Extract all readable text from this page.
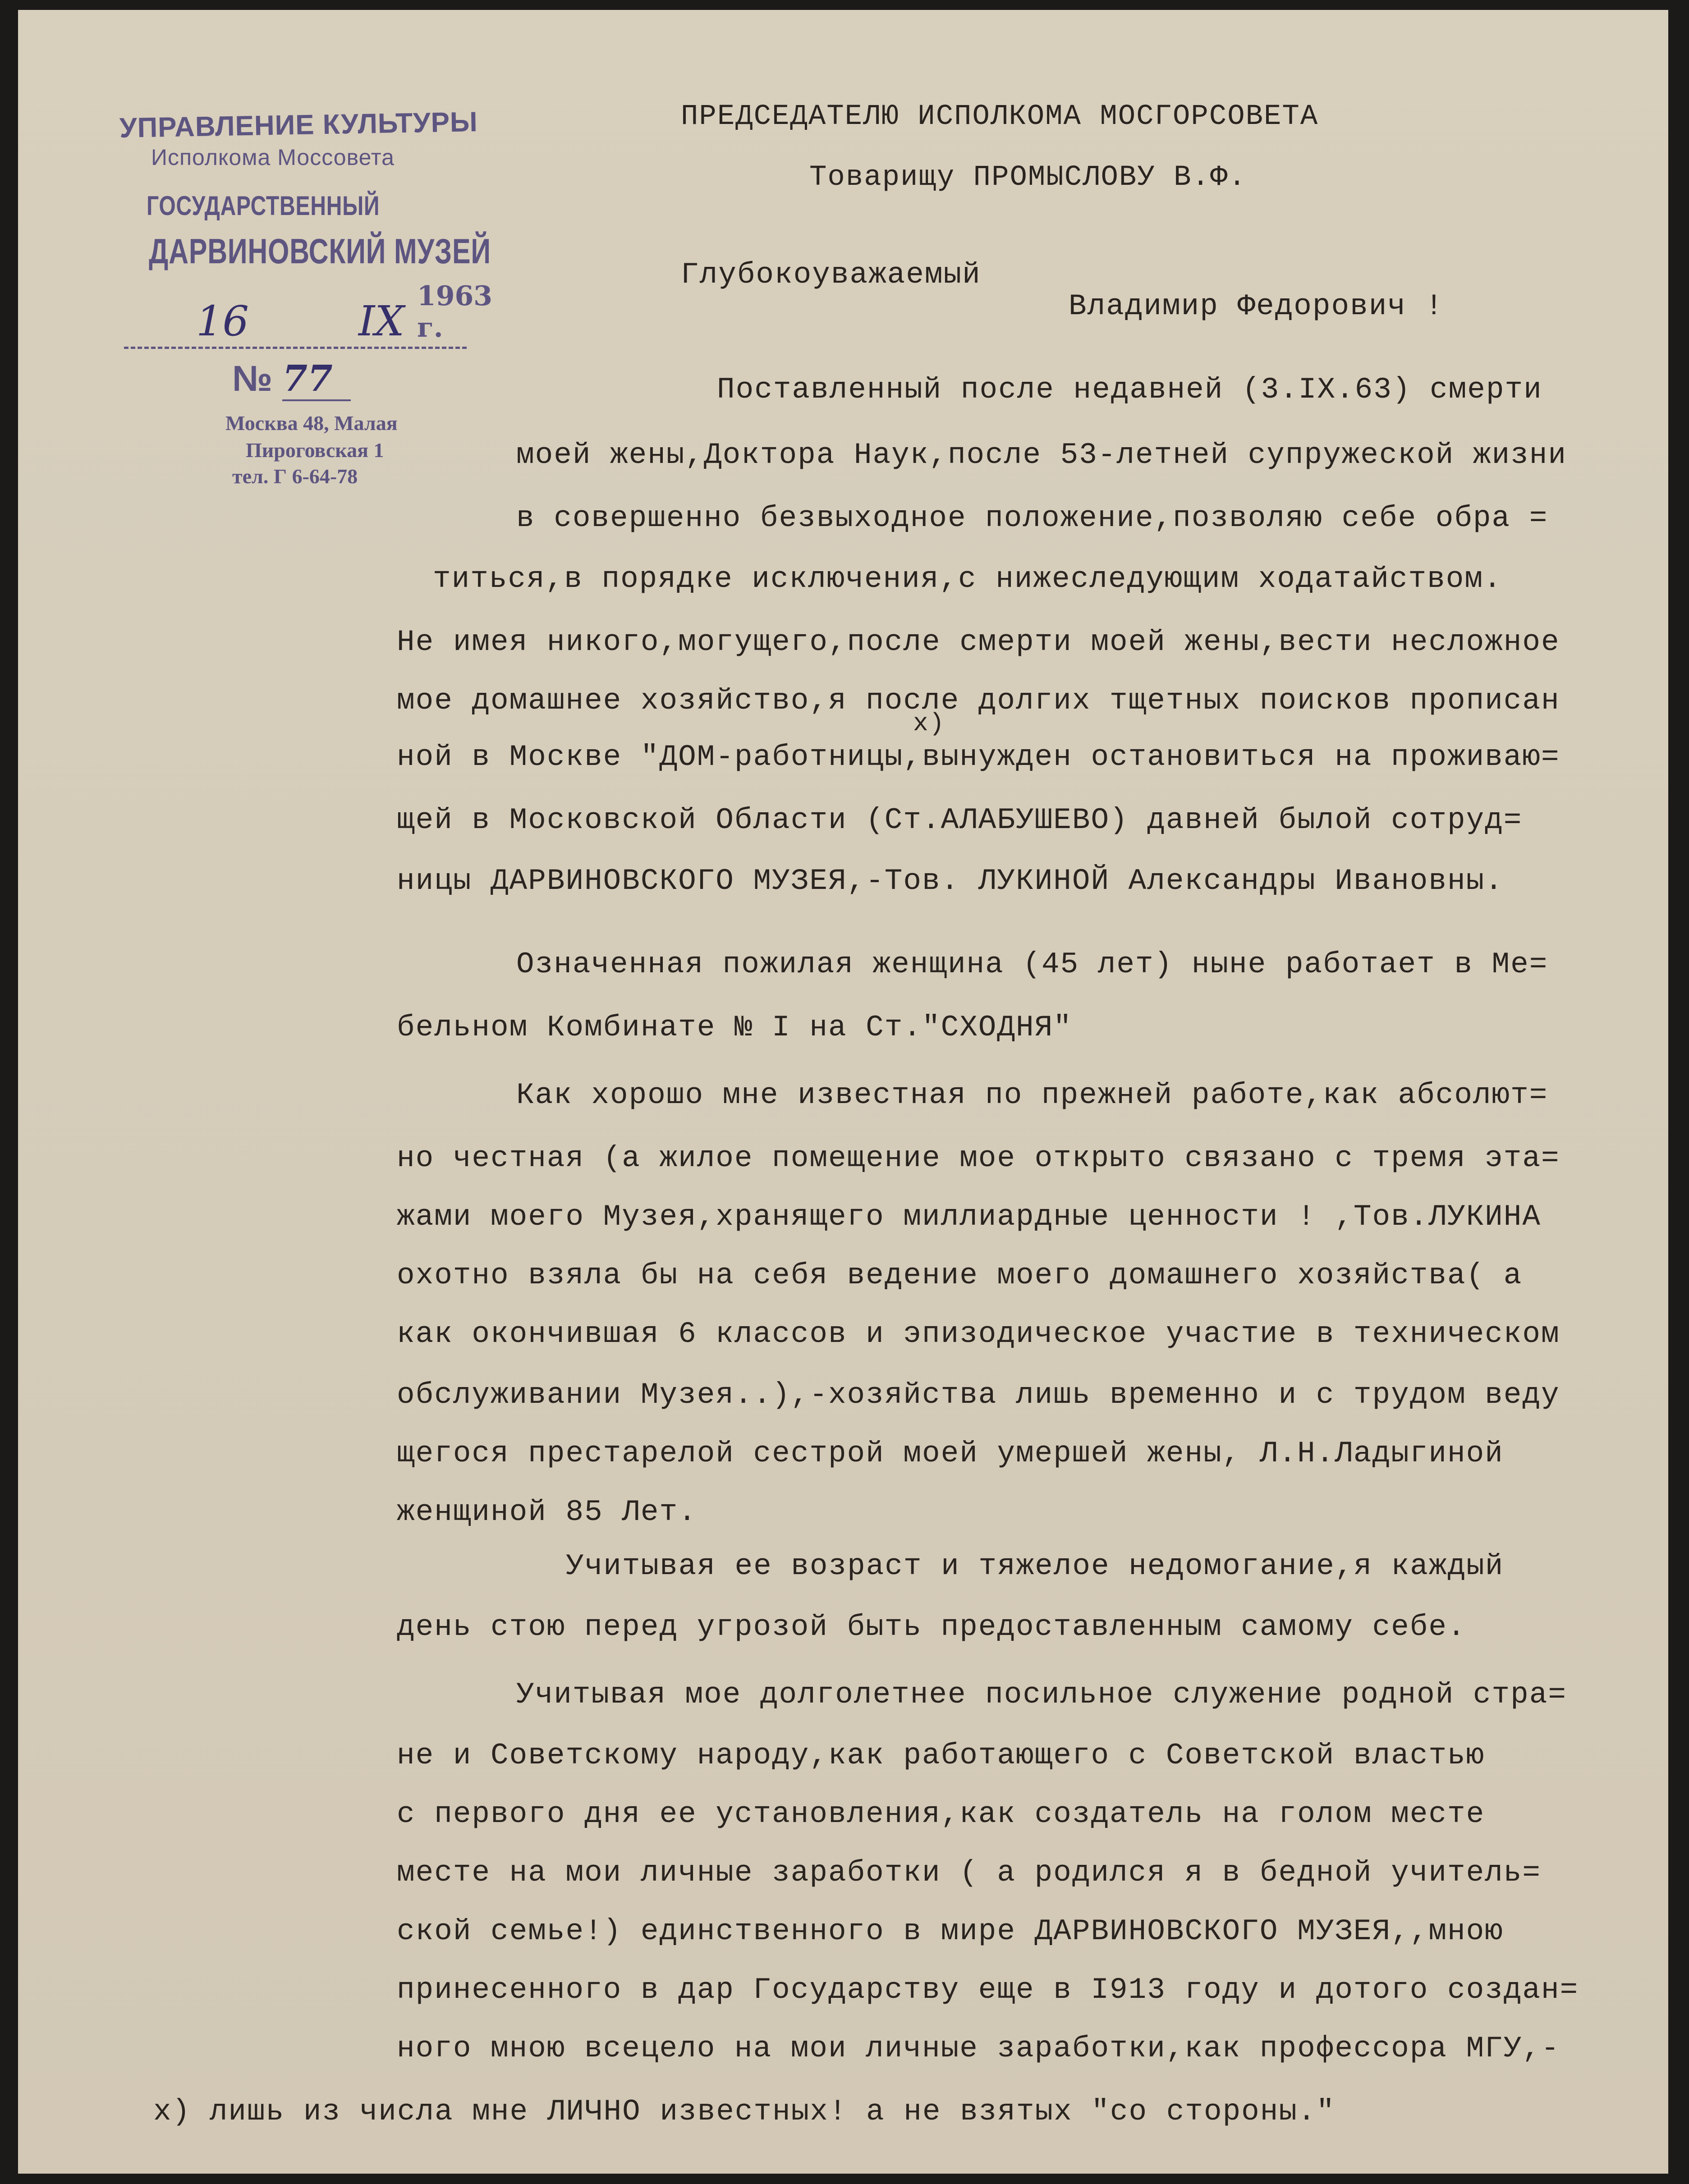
УПРАВЛЕНИЕ КУЛЬТУРЫ
Исполкома Моссовета
ГОСУДАРСТВЕННЫЙ
ДАРВИНОВСКИЙ МУЗЕЙ
16	IX
1963 г.
№ 77
Москва 48, Малая
Пироговская 1
тел. Г 6-64-78
ПРЕДСЕДАТЕЛЮ ИСПОЛКОМА МОСГОРСОВЕТА
Товарищу ПРОМЫСЛОВУ В.Ф.
Глубокоуважаемый
Владимир Федорович !
Поставленный после недавней (3.IX.63) смерти
моей жены,Доктора Наук,после 53-летней супружеской жизни
в совершенно безвыходное положение,позволяю себе обра =
титься,в порядке исключения,с нижеследующим ходатайством.
Не имея никого,могущего,после смерти моей жены,вести несложное
мое домашнее хозяйство,я после долгих тщетных поисков прописан
x)
ной в Москве "ДОМ-работницы,вынужден остановиться на проживаю=
щей в Московской Области (Ст.АЛАБУШЕВО) давней былой сотруд=
ницы ДАРВИНОВСКОГО МУЗЕЯ,-Тов. ЛУКИНОЙ Александры Ивановны.
Означенная пожилая женщина (45 лет) ныне работает в Ме=
бельном Комбинате № I на Ст."СХОДНЯ"
Как хорошо мне известная по прежней работе,как абсолют=
но честная (а жилое помещение мое открыто связано с тремя эта=
жами моего Музея,хранящего миллиардные ценности ! ,Тов.ЛУКИНА
охотно взяла бы на себя ведение моего домашнего хозяйства( а
как окончившая 6 классов и эпизодическое участие в техническом
обслуживании Музея..),-хозяйства лишь временно и с трудом веду
щегося престарелой сестрой моей умершей жены, Л.Н.Ладыгиной
женщиной 85 Лет.
Учитывая ее возраст и тяжелое недомогание,я каждый
день стою перед угрозой быть предоставленным самому себе.
Учитывая мое долголетнее посильное служение родной стра=
не и Советскому народу,как работающего с Советской властью
с первого дня ее установления,как создатель на голом месте
месте на мои личные заработки ( а родился я в бедной учитель=
ской семье!) единственного в мире ДАРВИНОВСКОГО МУЗЕЯ,,мною
принесенного в дар Государству еще в I913 году и дотого создан=
ного мною всецело на мои личные заработки,как профессора МГУ,-
x) лишь из числа мне ЛИЧНО известных! а не взятых "со стороны."
